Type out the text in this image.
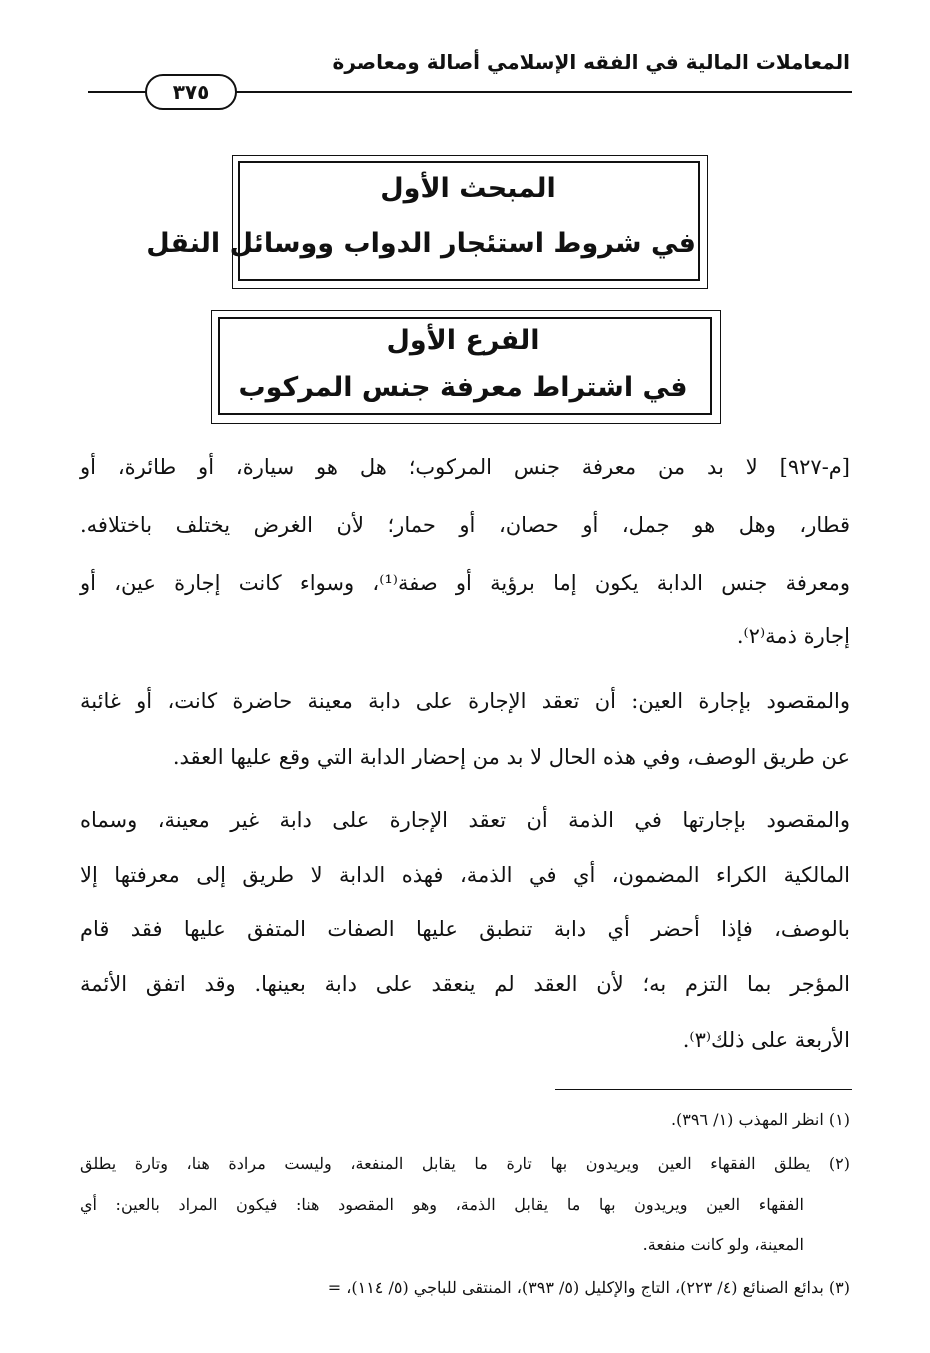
المعاملات المالية في الفقه الإسلامي أصالة ومعاصرة
٣٧٥
المبحث الأول
في شروط استئجار الدواب ووسائل النقل
الفرع الأول
في اشتراط معرفة جنس المركوب
[م-٩٢٧] لا بد من معرفة جنس المركوب؛ هل هو سيارة، أو طائرة، أو
قطار، وهل هو جمل، أو حصان، أو حمار؛ لأن الغرض يختلف باختلافه.
ومعرفة جنس الدابة يكون إما برؤية أو صفة⁽¹⁾، وسواء كانت إجارة عين، أو
إجارة ذمة⁽٢⁾.
والمقصود بإجارة العين: أن تعقد الإجارة على دابة معينة حاضرة كانت، أو غائبة
عن طريق الوصف، وفي هذه الحال لا بد من إحضار الدابة التي وقع عليها العقد.
والمقصود بإجارتها في الذمة أن تعقد الإجارة على دابة غير معينة، وسماه
المالكية الكراء المضمون، أي في الذمة، فهذه الدابة لا طريق إلى معرفتها إلا
بالوصف، فإذا أحضر أي دابة تنطبق عليها الصفات المتفق عليها فقد قام
المؤجر بما التزم به؛ لأن العقد لم ينعقد على دابة بعينها. وقد اتفق الأئمة
الأربعة على ذلك⁽٣⁾.
(١) انظر المهذب (١/ ٣٩٦).
(٢) يطلق الفقهاء العين ويريدون بها تارة ما يقابل المنفعة، وليست مرادة هنا، وتارة يطلق
الفقهاء العين ويريدون بها ما يقابل الذمة، وهو المقصود هنا: فيكون المراد بالعين: أي
المعينة، ولو كانت منفعة.
(٣) بدائع الصنائع (٤/ ٢٢٣)، التاج والإكليل (٥/ ٣٩٣)، المنتقى للباجي (٥/ ١١٤)، =
